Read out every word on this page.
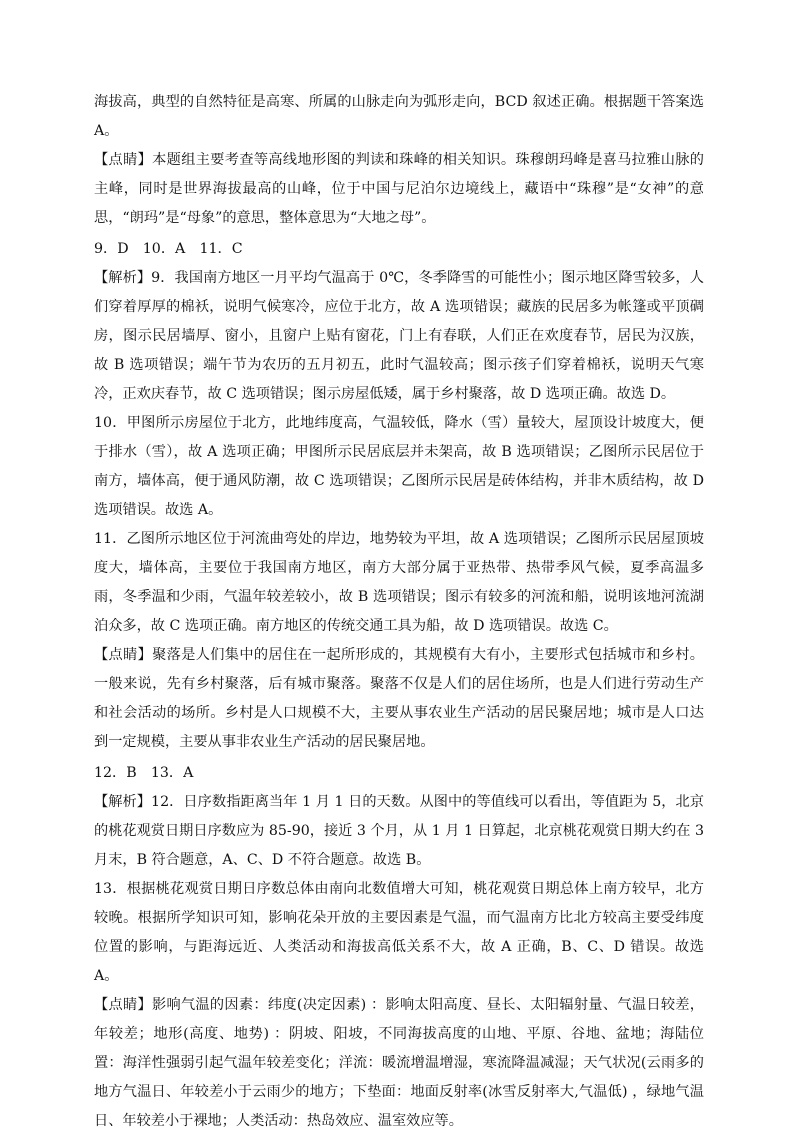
海拔高，典型的自然特征是高寒、所属的山脉走向为弧形走向，BCD 叙述正确。根据题干答案选A。

【点睛】本题组主要考查等高线地形图的判读和珠峰的相关知识。珠穆朗玛峰是喜马拉雅山脉的主峰，同时是世界海拔最高的山峰，位于中国与尼泊尔边境线上，藏语中“珠穆”是“女神”的意思，“朗玛”是“母象”的意思，整体意思为“大地之母”。

9．D　10．A　11．C

【解析】9．我国南方地区一月平均气温高于 0℃，冬季降雪的可能性小；图示地区降雪较多，人们穿着厚厚的棉袄，说明气候寒冷，应位于北方，故 A 选项错误；藏族的民居多为帐篷或平顶碉房，图示民居墙厚、窗小，且窗户上贴有窗花，门上有春联，人们正在欢度春节，居民为汉族，故 B 选项错误；端午节为农历的五月初五，此时气温较高；图示孩子们穿着棉袄，说明天气寒冷，正欢庆春节，故 C 选项错误；图示房屋低矮，属于乡村聚落，故 D 选项正确。故选 D。

10．甲图所示房屋位于北方，此地纬度高，气温较低，降水（雪）量较大，屋顶设计坡度大，便于排水（雪），故 A 选项正确；甲图所示民居底层并未架高，故 B 选项错误；乙图所示民居位于南方，墙体高，便于通风防潮，故 C 选项错误；乙图所示民居是砖体结构，并非木质结构，故 D 选项错误。故选 A。

11．乙图所示地区位于河流曲弯处的岸边，地势较为平坦，故 A 选项错误；乙图所示民居屋顶坡度大，墙体高，主要位于我国南方地区，南方大部分属于亚热带、热带季风气候，夏季高温多雨，冬季温和少雨，气温年较差较小，故 B 选项错误；图示有较多的河流和船，说明该地河流湖泊众多，故 C 选项正确。南方地区的传统交通工具为船，故 D 选项错误。故选 C。

【点睛】聚落是人们集中的居住在一起所形成的，其规模有大有小，主要形式包括城市和乡村。一般来说，先有乡村聚落，后有城市聚落。聚落不仅是人们的居住场所，也是人们进行劳动生产和社会活动的场所。乡村是人口规模不大，主要从事农业生产活动的居民聚居地；城市是人口达到一定规模，主要从事非农业生产活动的居民聚居地。

12．B　13．A

【解析】12．日序数指距离当年 1 月 1 日的天数。从图中的等值线可以看出，等值距为 5，北京的桃花观赏日期日序数应为 85-90，接近 3 个月，从 1 月 1 日算起，北京桃花观赏日期大约在 3 月末，B 符合题意，A、C、D 不符合题意。故选 B。

13．根据桃花观赏日期日序数总体由南向北数值增大可知，桃花观赏日期总体上南方较早，北方较晚。根据所学知识可知，影响花朵开放的主要因素是气温，而气温南方比北方较高主要受纬度位置的影响，与距海远近、人类活动和海拔高低关系不大，故 A 正确，B、C、D 错误。故选 A。

【点睛】影响气温的因素：纬度(决定因素) ：影响太阳高度、昼长、太阳辐射量、气温日较差，年较差；地形(高度、地势) ：阴坡、阳坡，不同海拔高度的山地、平原、谷地、盆地；海陆位置：海洋性强弱引起气温年较差变化；洋流：暖流增温增湿，寒流降温减湿；天气状况(云雨多的地方气温日、年较差小于云雨少的地方；下垫面：地面反射率(冰雪反射率大,气温低) ，绿地气温日、年较差小于裸地；人类活动：热岛效应、温室效应等。
